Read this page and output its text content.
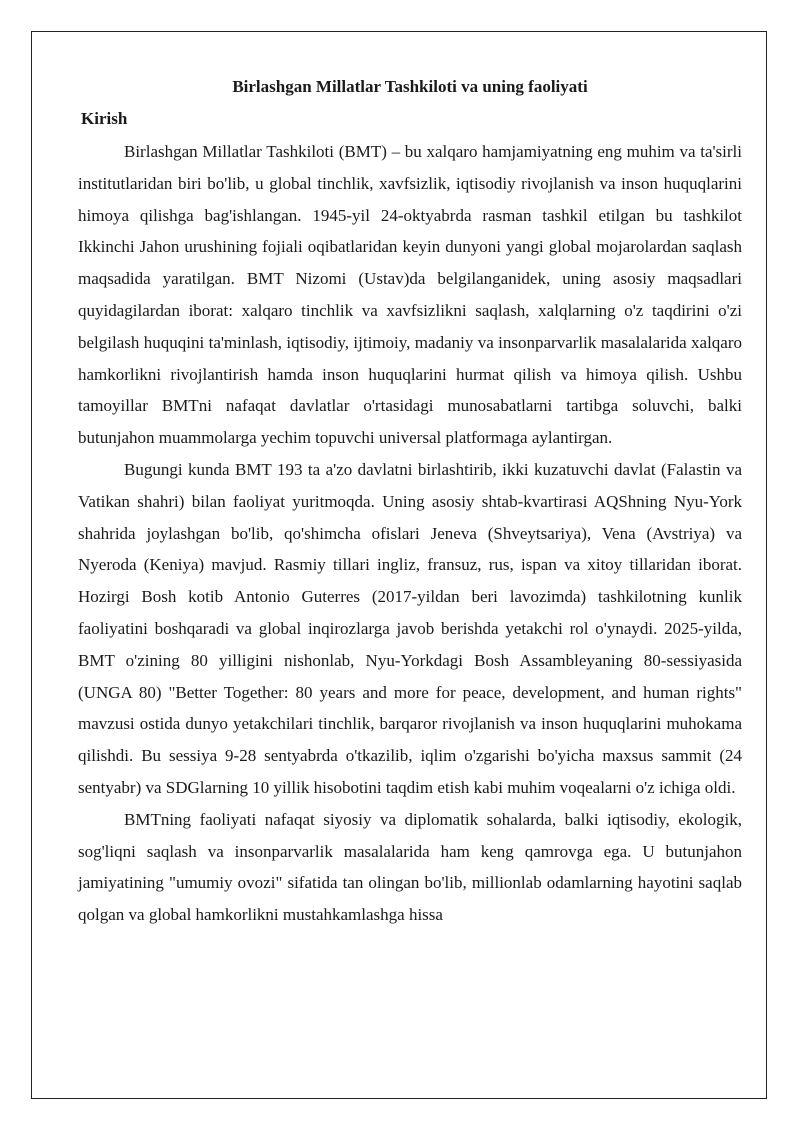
Birlashgan Millatlar Tashkiloti va uning faoliyati
Kirish

Birlashgan Millatlar Tashkiloti (BMT) – bu xalqaro hamjamiyatning eng muhim va ta'sirli institutlaridan biri bo'lib, u global tinchlik, xavfsizlik, iqtisodiy rivojlanish va inson huquqlarini himoya qilishga bag'ishlangan. 1945-yil 24-oktyabrda rasman tashkil etilgan bu tashkilot Ikkinchi Jahon urushining fojiali oqibatlaridan keyin dunyoni yangi global mojarolardan saqlash maqsadida yaratilgan. BMT Nizomi (Ustav)da belgilanganidek, uning asosiy maqsadlari quyidagilardan iborat: xalqaro tinchlik va xavfsizlikni saqlash, xalqlarning o'z taqdirini o'zi belgilash huquqini ta'minlash, iqtisodiy, ijtimoiy, madaniy va insonparvarlik masalalarida xalqaro hamkorlikni rivojlantirish hamda inson huquqlarini hurmat qilish va himoya qilish. Ushbu tamoyillar BMTni nafaqat davlatlar o'rtasidagi munosabatlarni tartibga soluvchi, balki butunjahon muammolarga yechim topuvchi universal platformaga aylantirgan.

Bugungi kunda BMT 193 ta a'zo davlatni birlashtirib, ikki kuzatuvchi davlat (Falastin va Vatikan shahri) bilan faoliyat yuritmoqda. Uning asosiy shtab-kvartirasi AQShning Nyu-York shahrida joylashgan bo'lib, qo'shimcha ofislari Jeneva (Shveytsariya), Vena (Avstriya) va Nyeroda (Keniya) mavjud. Rasmiy tillari ingliz, fransuz, rus, ispan va xitoy tillaridan iborat. Hozirgi Bosh kotib Antonio Guterres (2017-yildan beri lavozimda) tashkilotning kunlik faoliyatini boshqaradi va global inqirozlarga javob berishda yetakchi rol o'ynaydi. 2025-yilda, BMT o'zining 80 yilligini nishonlab, Nyu-Yorkdagi Bosh Assambleyaning 80-sessiyasida (UNGA 80) "Better Together: 80 years and more for peace, development, and human rights" mavzusi ostida dunyo yetakchilari tinchlik, barqaror rivojlanish va inson huquqlarini muhokama qilishdi. Bu sessiya 9-28 sentyabrda o'tkazilib, iqlim o'zgarishi bo'yicha maxsus sammit (24 sentyabr) va SDGlarning 10 yillik hisobotini taqdim etish kabi muhim voqealarni o'z ichiga oldi.

BMTning faoliyati nafaqat siyosiy va diplomatik sohalarda, balki iqtisodiy, ekologik, sog'liqni saqlash va insonparvarlik masalalarida ham keng qamrovga ega. U butunjahon jamiyatining "umumiy ovozi" sifatida tan olingan bo'lib, millionlab odamlarning hayotini saqlab qolgan va global hamkorlikni mustahkamlashga hissa
